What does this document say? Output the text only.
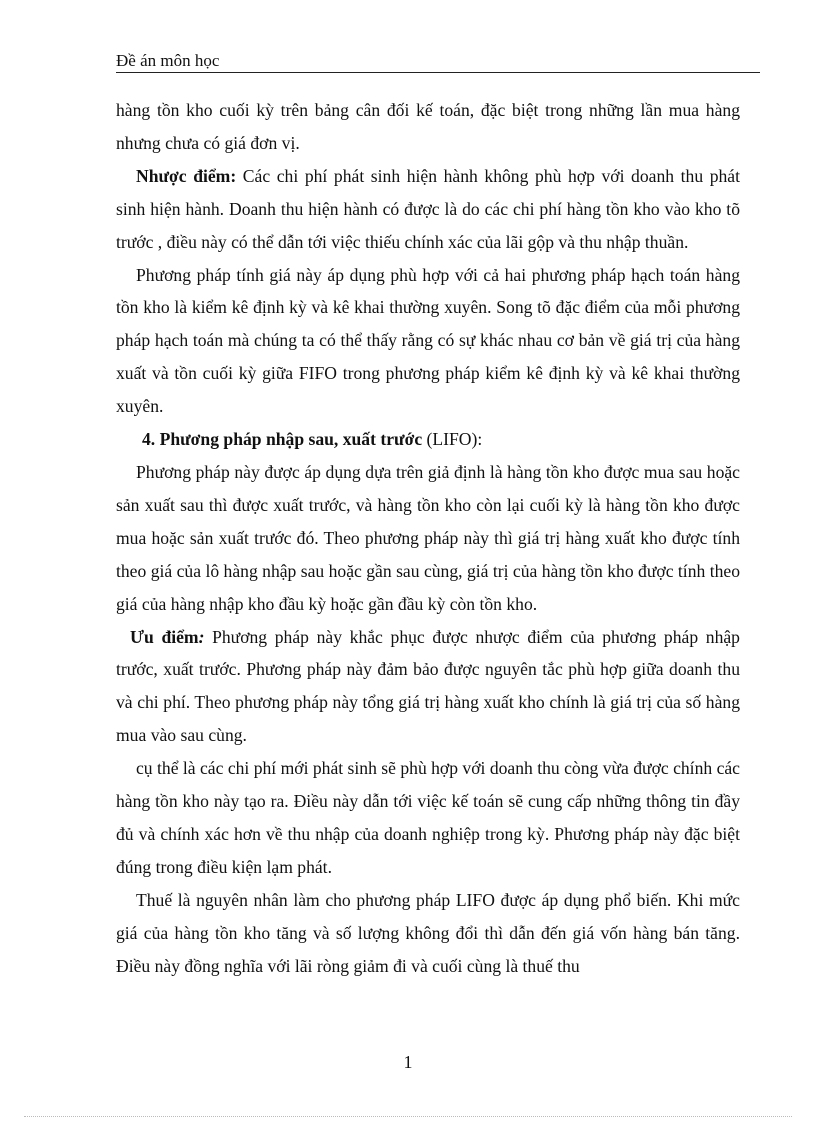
Đề án môn học

hàng tồn kho cuối kỳ trên bảng cân đối kế toán, đặc biệt trong những lần mua hàng nhưng chưa có giá đơn vị.

Nhược điểm: Các chi phí phát sinh hiện hành không phù hợp với doanh thu phát sinh hiện hành. Doanh thu hiện hành có được là do các chi phí hàng tồn kho vào kho tõ trước , điều này có thể dẫn tới việc thiếu chính xác của lãi gộp và thu nhập thuần.

Phương pháp tính giá này áp dụng phù hợp với cả hai phương pháp hạch toán hàng tồn kho là kiểm kê định kỳ và kê khai thường xuyên. Song tõ đặc điểm của mỗi phương pháp hạch toán mà chúng ta có thể thấy rằng có sự khác nhau cơ bản về giá trị của hàng xuất và tồn cuối kỳ giữa FIFO trong phương pháp kiểm kê định kỳ và kê khai thường xuyên.

4. Phương pháp nhập sau, xuất trước (LIFO):

Phương pháp này được áp dụng dựa trên giả định là hàng tồn kho được mua sau hoặc sản xuất sau thì được xuất trước, và hàng tồn kho còn lại cuối kỳ là hàng tồn kho được mua hoặc sản xuất trước đó. Theo phương pháp này thì giá trị hàng xuất kho được tính theo giá của lô hàng nhập sau hoặc gần sau cùng, giá trị của hàng tồn kho được tính theo giá của hàng nhập kho đầu kỳ hoặc gần đầu kỳ còn tồn kho.

Ưu điểm: Phương pháp này khắc phục được nhược điểm của phương pháp nhập trước, xuất trước. Phương pháp này đảm bảo được nguyên tắc phù hợp giữa doanh thu và chi phí. Theo phương pháp này tổng giá trị hàng xuất kho chính là giá trị của số hàng mua vào sau cùng.

cụ thể là các chi phí mới phát sinh sẽ phù hợp với doanh thu còng vừa được chính các hàng tồn kho này tạo ra. Điều này dẫn tới việc kế toán sẽ cung cấp những thông tin đầy đủ và chính xác hơn về thu nhập của doanh nghiệp trong kỳ. Phương pháp này đặc biệt đúng trong điều kiện lạm phát.

Thuế là nguyên nhân làm cho phương pháp LIFO được áp dụng phổ biến. Khi mức giá của hàng tồn kho tăng và số lượng không đổi thì dẫn đến giá vốn hàng bán tăng. Điều này đồng nghĩa với lãi ròng giảm đi và cuối cùng là thuế thu

1
